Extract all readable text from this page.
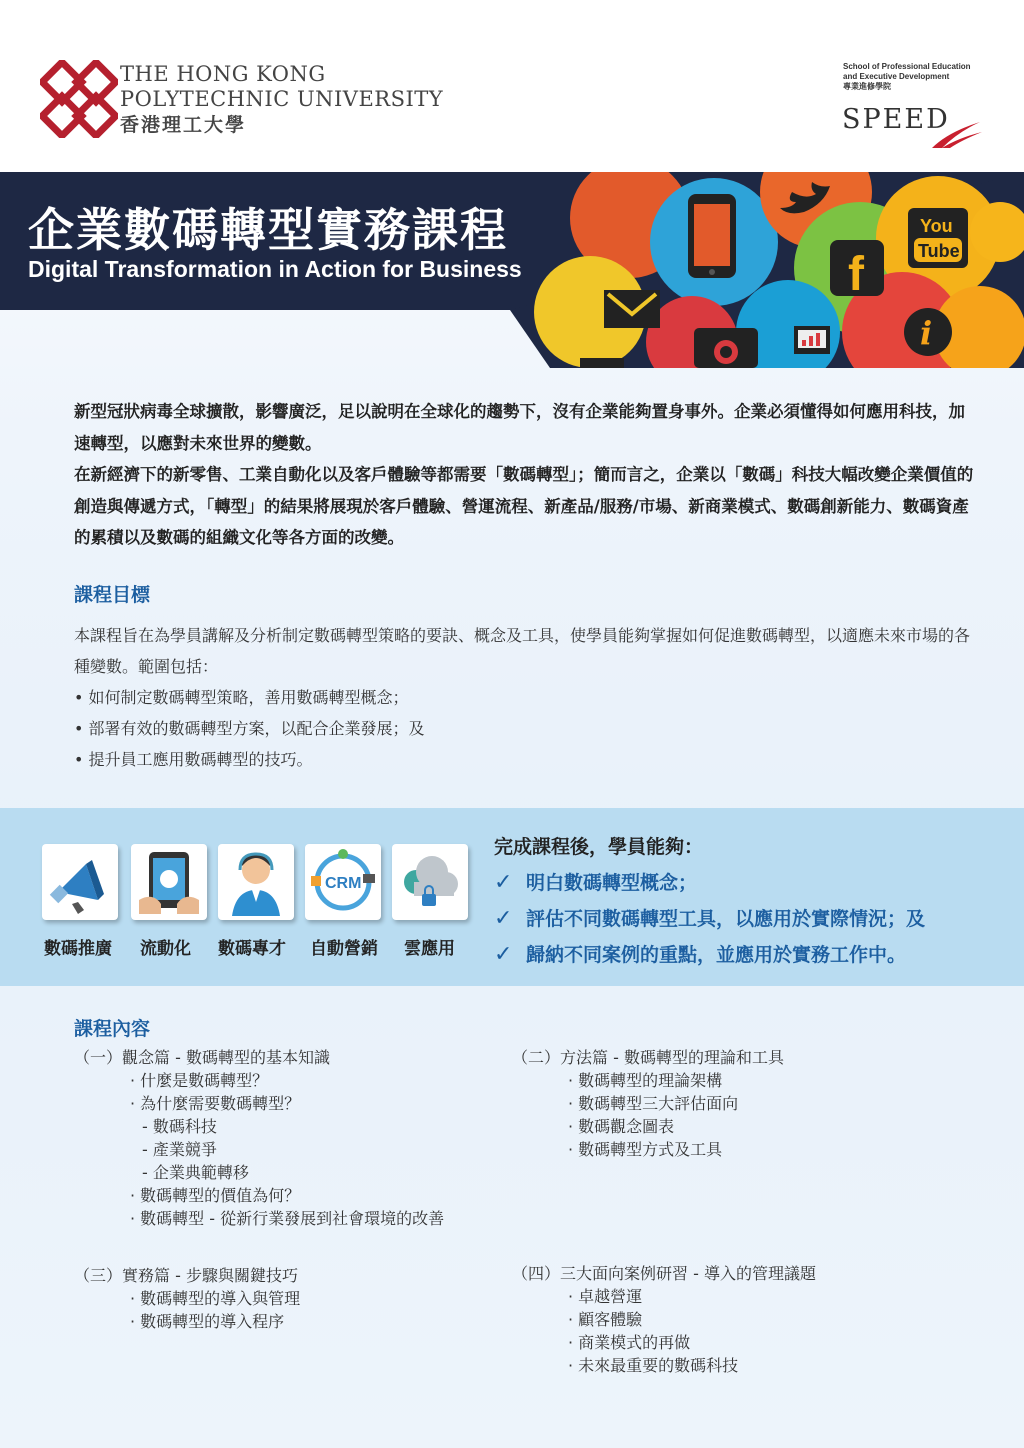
THE HONG KONG
POLYTECHNIC UNIVERSITY
香港理工大學
School of Professional Education
and Executive Development
專業進修學院
SPEED
企業數碼轉型實務課程
Digital Transformation in Action for Business	f
You
Tube
i

新型冠狀病毒全球擴散，影響廣泛，足以說明在全球化的趨勢下，沒有企業能夠置身事外。企業必須懂得如何應用科技，加速轉型，以應對未來世界的變數。

在新經濟下的新零售、工業自動化以及客戶體驗等都需要「數碼轉型」；簡而言之，企業以「數碼」科技大幅改變企業價值的創造與傳遞方式，「轉型」的結果將展現於客戶體驗、營運流程、新產品/服務/市場、新商業模式、數碼創新能力、數碼資產的累積以及數碼的組織文化等各方面的改變。

課程目標
本課程旨在為學員講解及分析制定數碼轉型策略的要訣、概念及工具，使學員能夠掌握如何促進數碼轉型，以適應未來市場的各種變數。範圍包括：
• 如何制定數碼轉型策略，善用數碼轉型概念；
• 部署有效的數碼轉型方案，以配合企業發展；及
• 提升員工應用數碼轉型的技巧。
CRM
數碼推廣 流動化 數碼專才 自動營銷 雲應用
完成課程後，學員能夠：
✓ 明白數碼轉型概念；
✓ 評估不同數碼轉型工具，以應用於實際情況；及
✓ 歸納不同案例的重點，並應用於實務工作中。
課程內容
（一）觀念篇 - 數碼轉型的基本知識
· 什麼是數碼轉型？
· 為什麼需要數碼轉型？
- 數碼科技
- 產業競爭
- 企業典範轉移
· 數碼轉型的價值為何？
· 數碼轉型 - 從新行業發展到社會環境的改善
（二）方法篇 - 數碼轉型的理論和工具
· 數碼轉型的理論架構
· 數碼轉型三大評估面向
· 數碼觀念圖表
· 數碼轉型方式及工具
（三）實務篇 - 步驟與關鍵技巧
· 數碼轉型的導入與管理
· 數碼轉型的導入程序
（四）三大面向案例研習 - 導入的管理議題
· 卓越營運
· 顧客體驗
· 商業模式的再做
· 未來最重要的數碼科技
